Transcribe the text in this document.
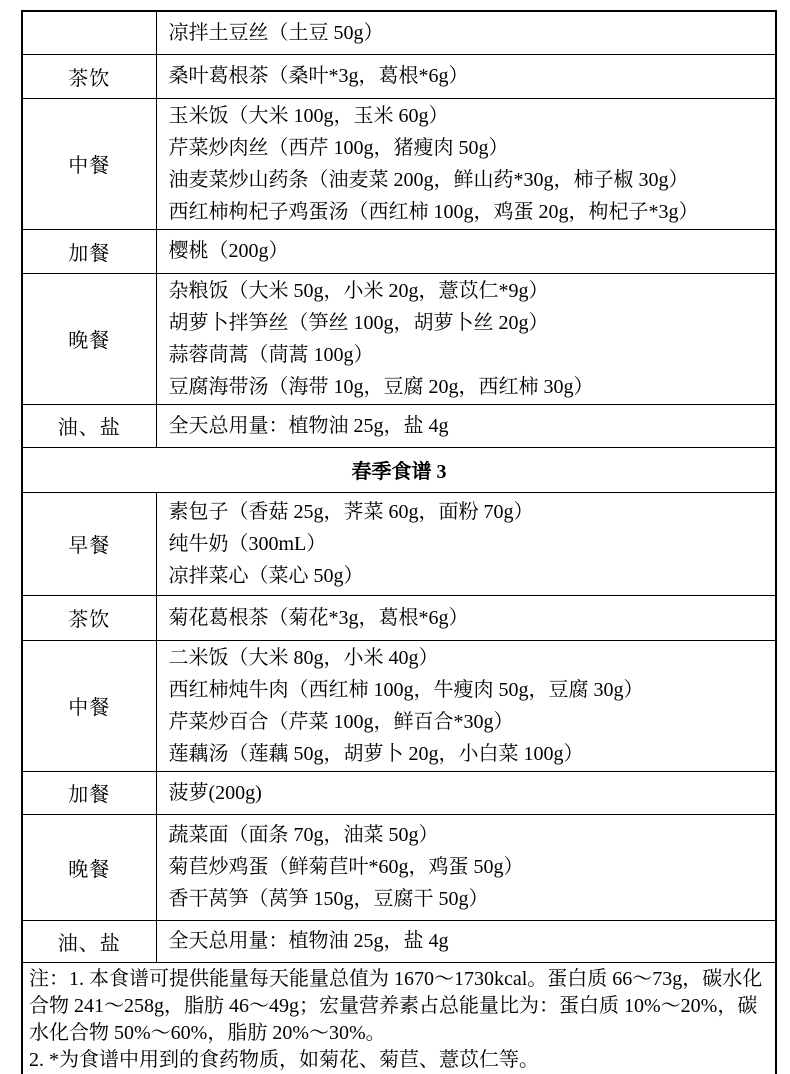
	凉拌土豆丝（土豆 50g）

茶饮	桑叶葛根茶（桑叶*3g，葛根*6g）

中餐	玉米饭（大米 100g，玉米 60g）
芹菜炒肉丝（西芹 100g，猪瘦肉 50g）
油麦菜炒山药条（油麦菜 200g，鲜山药*30g，柿子椒 30g）
西红柿枸杞子鸡蛋汤（西红柿 100g，鸡蛋 20g，枸杞子*3g）

加餐	樱桃（200g）

晚餐	杂粮饭（大米 50g，小米 20g，薏苡仁*9g）
胡萝卜拌笋丝（笋丝 100g，胡萝卜丝 20g）
蒜蓉茼蒿（茼蒿 100g）
豆腐海带汤（海带 10g，豆腐 20g，西红柿 30g）

油、盐	全天总用量：植物油 25g，盐 4g

春季食谱 3	
早餐	素包子（香菇 25g，荠菜 60g，面粉 70g）
纯牛奶（300mL）
凉拌菜心（菜心 50g）

茶饮	菊花葛根茶（菊花*3g，葛根*6g）

中餐	二米饭（大米 80g，小米 40g）
西红柿炖牛肉（西红柿 100g，牛瘦肉 50g，豆腐 30g）
芹菜炒百合（芹菜 100g，鲜百合*30g）
莲藕汤（莲藕 50g，胡萝卜 20g，小白菜 100g）

加餐	菠萝(200g)

晚餐	蔬菜面（面条 70g，油菜 50g）
菊苣炒鸡蛋（鲜菊苣叶*60g，鸡蛋 50g）
香干莴笋（莴笋 150g，豆腐干 50g）

油、盐	全天总用量：植物油 25g，盐 4g

注：1. 本食谱可提供能量每天能量总值为 1670～1730kcal。蛋白质 66～73g，碳水化合物 241～258g，脂肪 46～49g；宏量营养素占总能量比为：蛋白质 10%～20%，碳水化合物 50%～60%，脂肪 20%～30%。
2. *为食谱中用到的食药物质，如菊花、菊苣、薏苡仁等。	
